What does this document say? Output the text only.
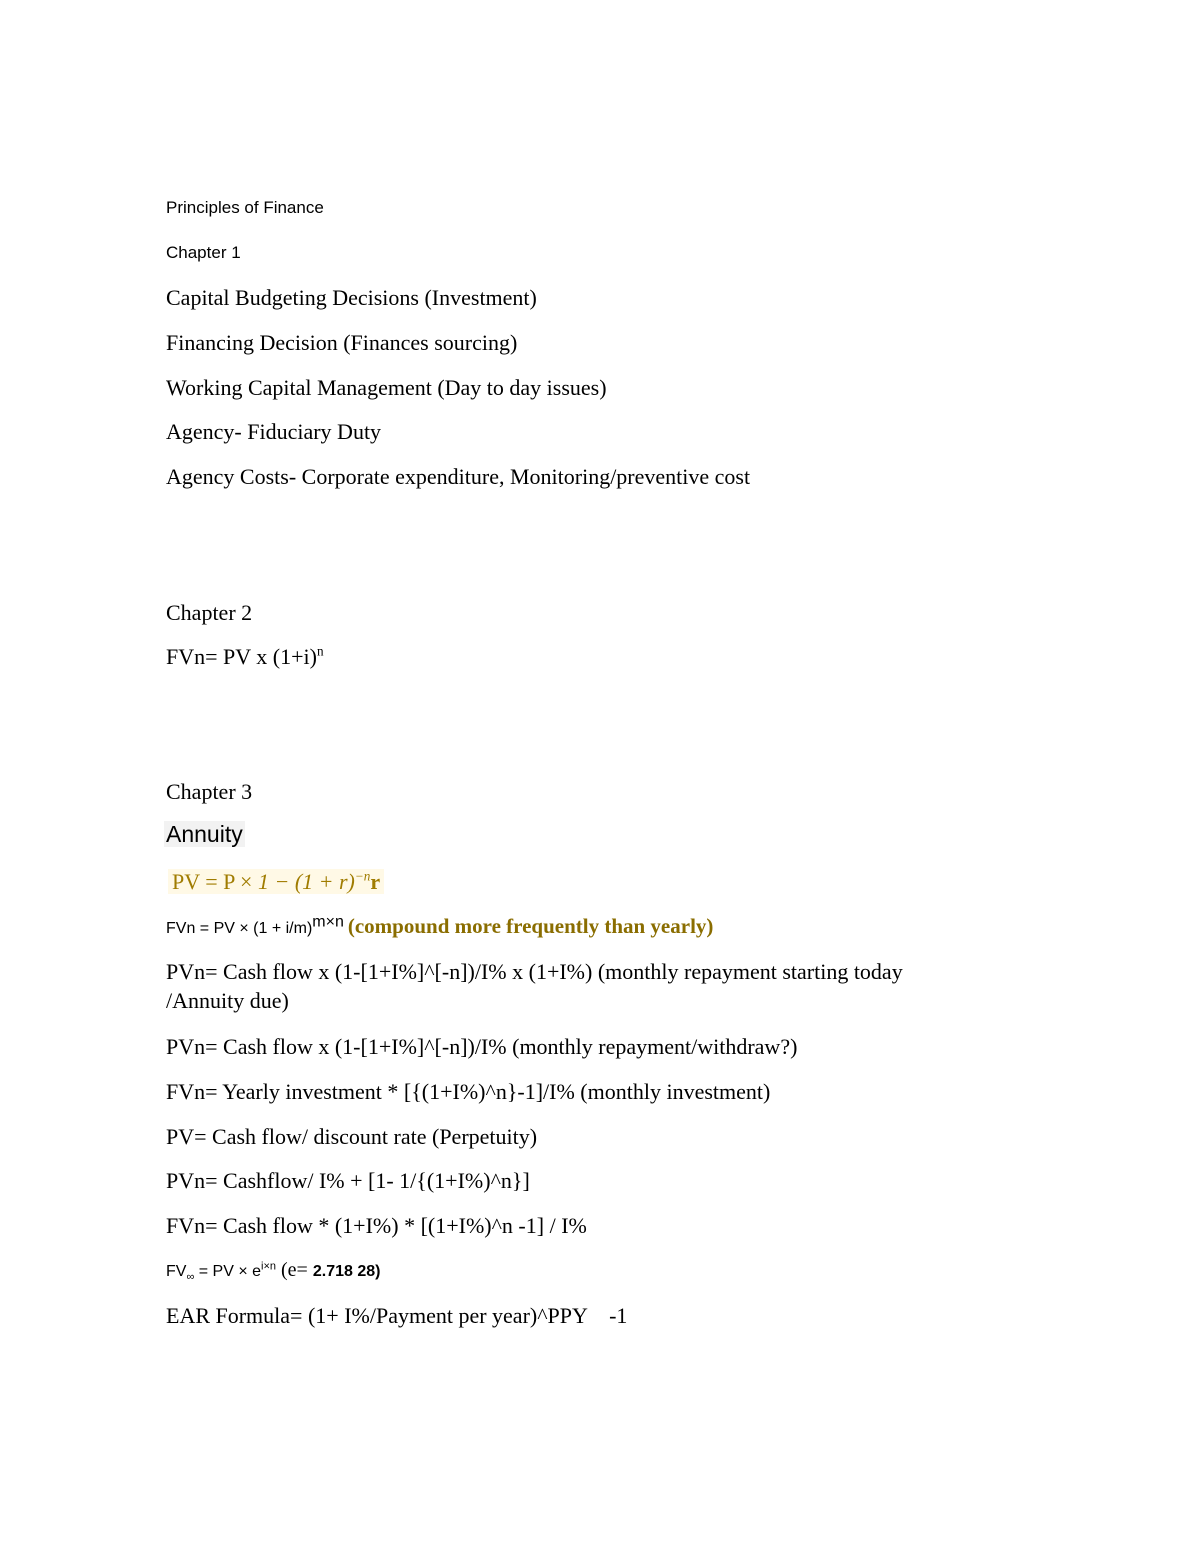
Principles of Finance
Chapter 1
Capital Budgeting Decisions (Investment)
Financing Decision (Finances sourcing)
Working Capital Management (Day to day issues)
Agency- Fiduciary Duty
Agency Costs- Corporate expenditure, Monitoring/preventive cost
Chapter 2
FVn= PV x $(1+i)^n$
Chapter 3
Annuity
PV = $P \times 1 - (1 + r)^{-n}r$
FVn = PV × $(1 + i/m)^{m\times n}$ (compound more frequently than yearly)
PVn= Cash flow x (1-[1+I%]^[-n])/I% x (1+I%) (monthly repayment starting today
/Annuity due)
PVn= Cash flow x (1-[1+I%]^[-n])/I% (monthly repayment/withdraw?)
FVn= Yearly investment * [{(1+I%)^n}-1]/I% (monthly investment)
PV= Cash flow/ discount rate (Perpetuity)
PVn= Cashflow/ I% + [1- 1/{(1+I%)^n}]
FVn= Cash flow * (1+I%) * [(1+I%)^n -1] / I%
$FV_\infty$ = PV × $e^{i\times n}$ (e= 2.718 28)
EAR Formula= (1+ I%/Payment per year)^PPY    -1
